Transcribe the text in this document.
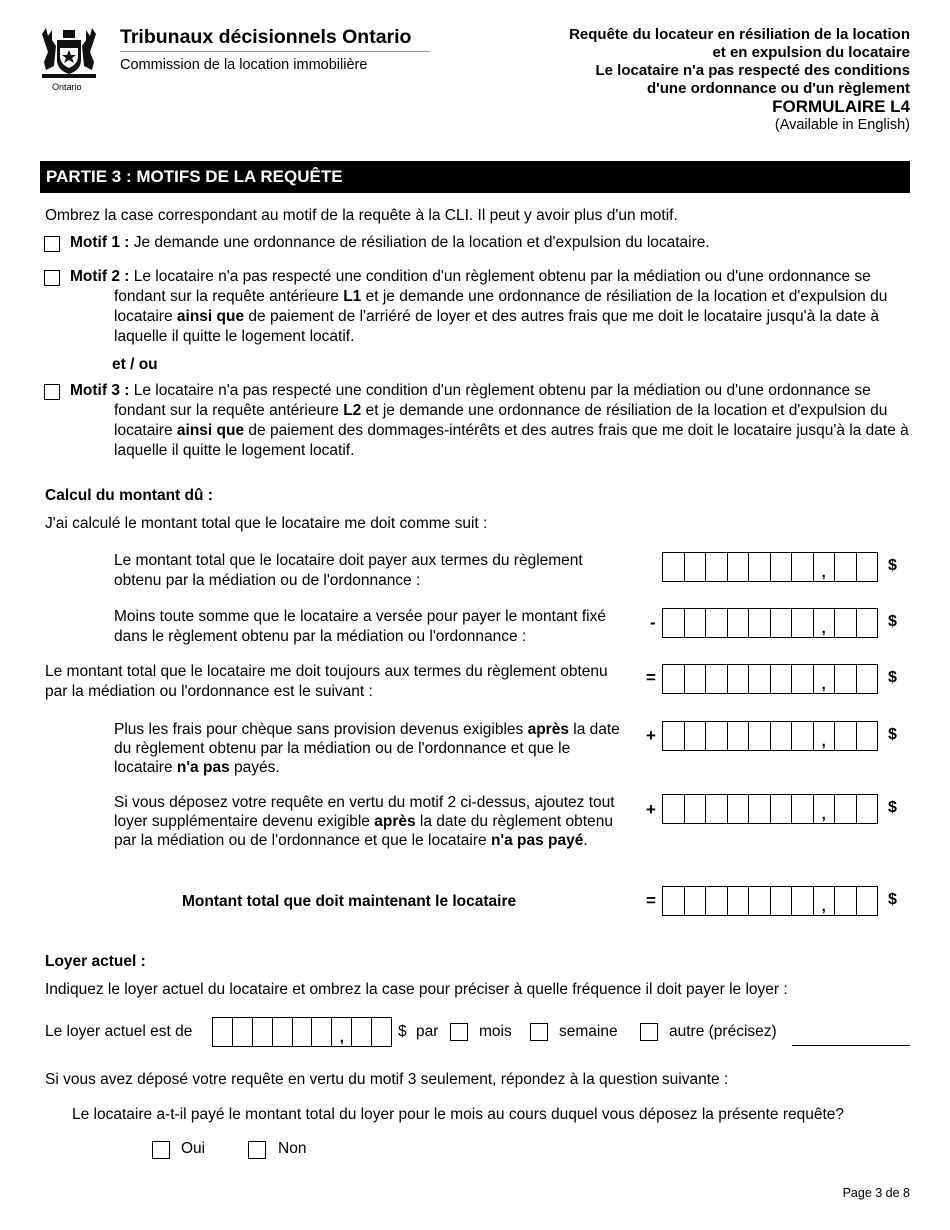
Ontario
Tribunaux décisionnels Ontario
Commission de la location immobilière
Requête du locateur en résiliation de la location
et en expulsion du locataire
Le locataire n'a pas respecté des conditions
d'une ordonnance ou d'un règlement
FORMULAIRE L4
(Available in English)
PARTIE 3 : MOTIFS DE LA REQUÊTE
Ombrez la case correspondant au motif de la requête à la CLI. Il peut y avoir plus d'un motif.
Motif 1 : Je demande une ordonnance de résiliation de la location et d'expulsion du locataire.
Motif 2 : Le locataire n'a pas respecté une condition d'un règlement obtenu par la médiation ou d'une ordonnance se fondant sur la requête antérieure L1 et je demande une ordonnance de résiliation de la location et d'expulsion du locataire ainsi que de paiement de l'arriéré de loyer et des autres frais que me doit le locataire jusqu'à la date à laquelle il quitte le logement locatif.
et / ou
Motif 3 : Le locataire n'a pas respecté une condition d'un règlement obtenu par la médiation ou d'une ordonnance se fondant sur la requête antérieure L2 et je demande une ordonnance de résiliation de la location et d'expulsion du locataire ainsi que de paiement des dommages-intérêts et des autres frais que me doit le locataire jusqu'à la date à laquelle il quitte le logement locatif.
Calcul du montant dû :
J'ai calculé le montant total que le locataire me doit comme suit :
Le montant total que le locataire doit payer aux termes du règlement obtenu par la médiation ou de l'ordonnance :	,	$
Moins toute somme que le locataire a versée pour payer le montant fixé dans le règlement obtenu par la médiation ou l'ordonnance :
-	,	$
Le montant total que le locataire me doit toujours aux termes du règlement obtenu par la médiation ou l'ordonnance est le suivant :
=	,	$
Plus les frais pour chèque sans provision devenus exigibles après la date du règlement obtenu par la médiation ou de l'ordonnance et que le locataire n'a pas payés.
+	,	$
Si vous déposez votre requête en vertu du motif 2 ci-dessus, ajoutez tout loyer supplémentaire devenu exigible après la date du règlement obtenu par la médiation ou de l'ordonnance et que le locataire n'a pas payé.
+	,	$
Montant total que doit maintenant le locataire	=	,	$
Loyer actuel :
Indiquez le loyer actuel du locataire et ombrez la case pour préciser à quelle fréquence il doit payer le loyer :
Le loyer actuel est de	,	$ par	mois	semaine	autre (précisez)
Si vous avez déposé votre requête en vertu du motif 3 seulement, répondez à la question suivante :
Le locataire a-t-il payé le montant total du loyer pour le mois au cours duquel vous déposez la présente requête?
Oui	Non
Page 3 de 8
